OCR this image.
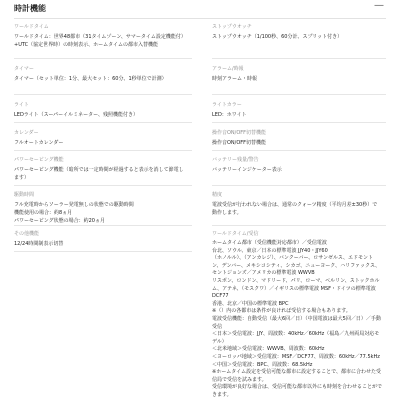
時計機能	—

ワールドタイム

ワールドタイム：世界48都市（31タイムゾーン、サマータイム設定機能付）+UTC（協定世界時）の時刻表示、ホームタイムの都市入替機能

ストップウオッチ

ストップウオッチ（1/100秒、60分計、スプリット付き）

タイマー

タイマー（セット単位：1分、最大セット：60分、1秒単位で計測）

アラーム/時報

時刻アラーム・時報

ライト

LEDライト（スーパーイルミネーター、残照機能付き）

ライトカラー

LED：ホワイト

カレンダー

フルオートカレンダー

操作音ON/OFF切替機能

操作音ON/OFF切替機能

パワーセービング機能

パワーセービング機能（暗所では一定時間が経過すると表示を消して節電します）

バッテリー残量/警告

バッテリーインジケーター表示

駆動時間

フル充電時からソーラー発電無しの状態での駆動時間
機能使用の場合：約8ヵ月
パワーセービング状態の場合：約20ヵ月

精度

電波受信が行われない場合は、通常のクォーツ精度（平均月差±30秒）で動作します。

その他機能

12/24時間制表示切替

ワールドタイム/受信

ホームタイム都市（受信機能対応都市）／受信電波
台北、ソウル、東京／日本の標準電波 JJY40・JJY60
（ホノルル）、（アンカレジ）、バンクーバー、ロサンゼルス、エドモントン、デンバー、メキシコシティ、シカゴ、ニューヨーク、ハリファックス、セントジョンズ／アメリカの標準電波 WWVB
リスボン、ロンドン、マドリード、パリ、ローマ、ベルリン、ストックホルム、アテネ、（モスクワ）／イギリスの標準電波 MSF・ドイツの標準電波 DCF77
香港、北京／中国の標準電波 BPC
※（）内の各都市は条件が良ければ受信する場合もあります。
電波受信機能：自動受信（最大6回／日）（中国電波は最大5回／日）／手動受信
＜日本＞受信電波：JJY、周波数：40kHz／60kHz（福島／九州両局対応モデル）
＜北米地域＞受信電波：WWVB、周波数：60kHz
＜ヨーロッパ地域＞受信電波：MSF／DCF77、周波数：60kHz／77.5kHz
＜中国＞受信電波：BPC、周波数：68.5kHz
※ホームタイム設定を受信可能な都市に設定することで、都市に合わせた受信局で受信を試みます。
受信環境が良好な場合は、受信可能な都市以外にも時刻を合わせることができます。
